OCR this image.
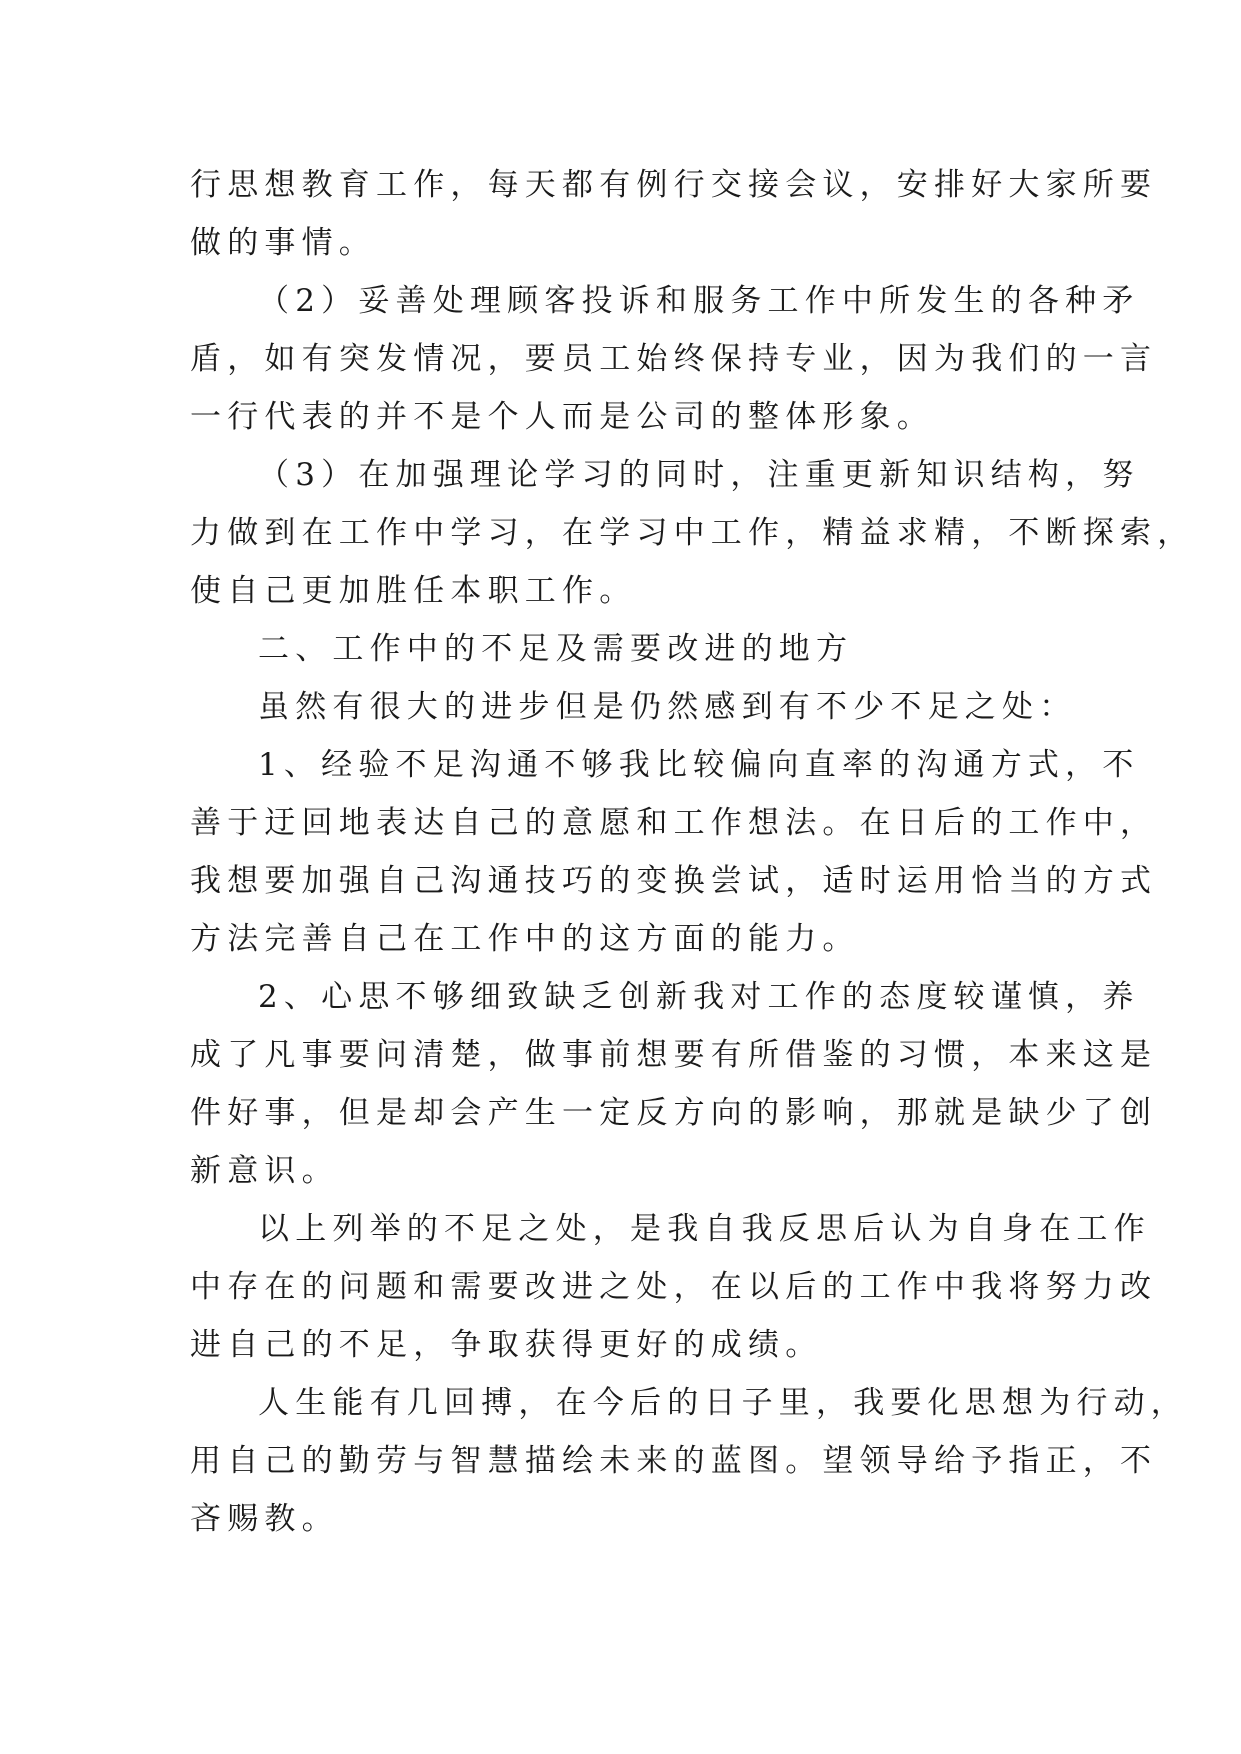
行思想教育工作，每天都有例行交接会议，安排好大家所要
做的事情。
（2）妥善处理顾客投诉和服务工作中所发生的各种矛
盾，如有突发情况，要员工始终保持专业，因为我们的一言
一行代表的并不是个人而是公司的整体形象。
（3）在加强理论学习的同时，注重更新知识结构，努
力做到在工作中学习，在学习中工作，精益求精，不断探索，
使自己更加胜任本职工作。
二、工作中的不足及需要改进的地方
虽然有很大的进步但是仍然感到有不少不足之处：
1、经验不足沟通不够我比较偏向直率的沟通方式，不
善于迂回地表达自己的意愿和工作想法。在日后的工作中，
我想要加强自己沟通技巧的变换尝试，适时运用恰当的方式
方法完善自己在工作中的这方面的能力。
2、心思不够细致缺乏创新我对工作的态度较谨慎，养
成了凡事要问清楚，做事前想要有所借鉴的习惯，本来这是
件好事，但是却会产生一定反方向的影响，那就是缺少了创
新意识。
以上列举的不足之处，是我自我反思后认为自身在工作
中存在的问题和需要改进之处，在以后的工作中我将努力改
进自己的不足，争取获得更好的成绩。
人生能有几回搏，在今后的日子里，我要化思想为行动，
用自己的勤劳与智慧描绘未来的蓝图。望领导给予指正，不
吝赐教。
